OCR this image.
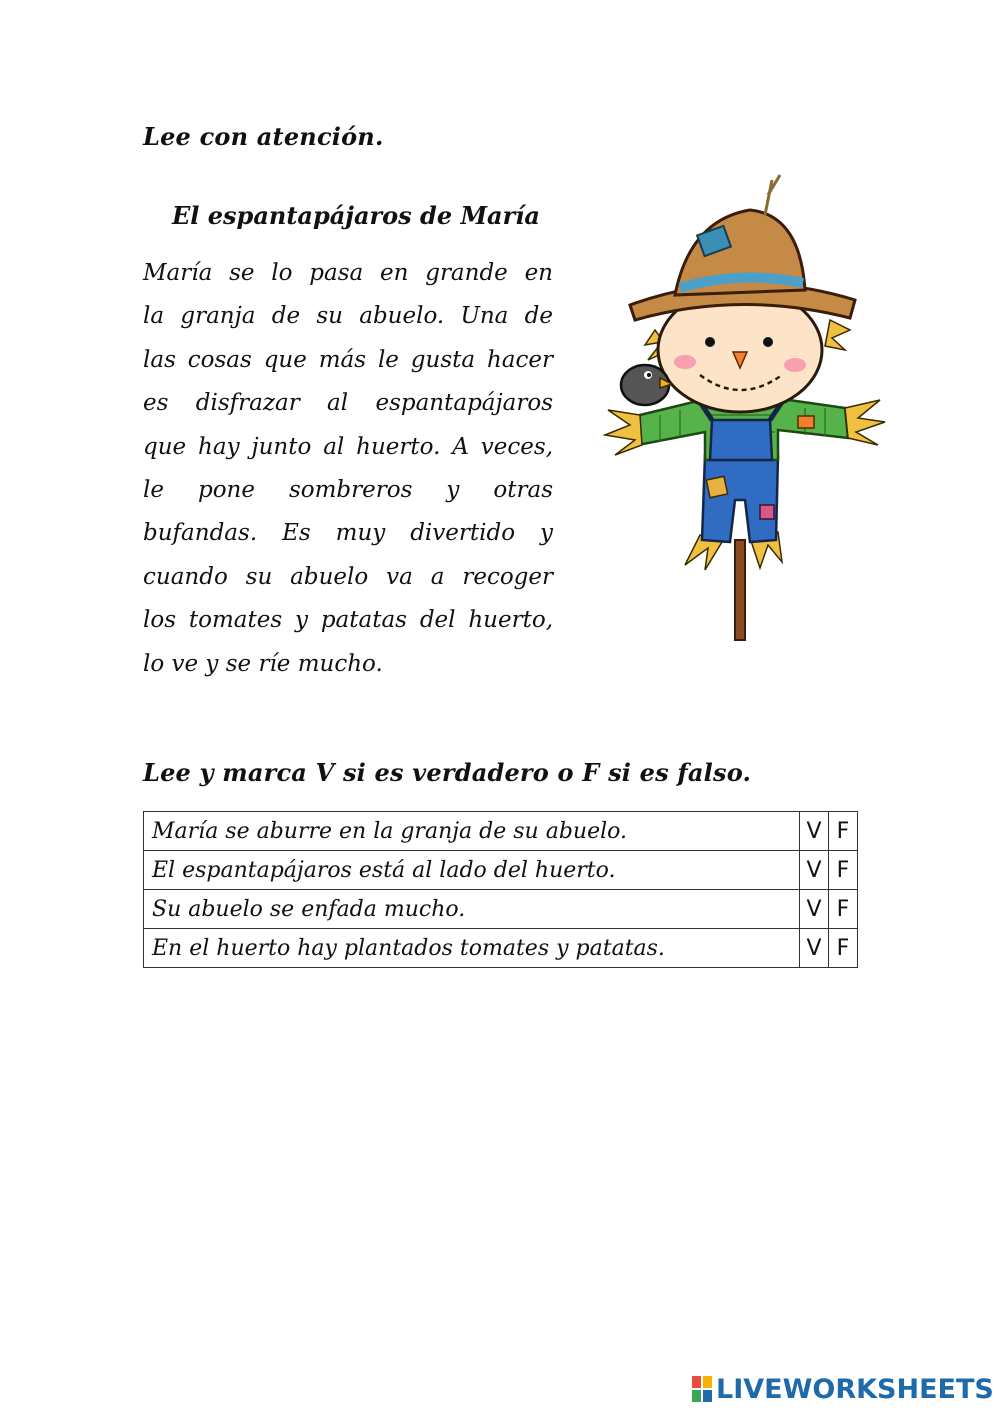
Lee con atención.
El espantapájaros de María
María se lo pasa en grande en
la granja de su abuelo. Una de
las cosas que más le gusta hacer
es disfrazar al espantapájaros
que hay junto al huerto. A veces,
le pone sombreros y otras
bufandas. Es muy divertido y
cuando su abuelo va a recoger
los tomates y patatas del huerto,
lo ve y se ríe mucho.
Lee y marca V si es verdadero o F si es falso.
María se aburre en la granja de su abuelo.	V	F
El espantapájaros está al lado del huerto.	V	F
Su abuelo se enfada mucho.	V	F
En el huerto hay plantados tomates y patatas.	V	F
LIVEWORKSHEETS
